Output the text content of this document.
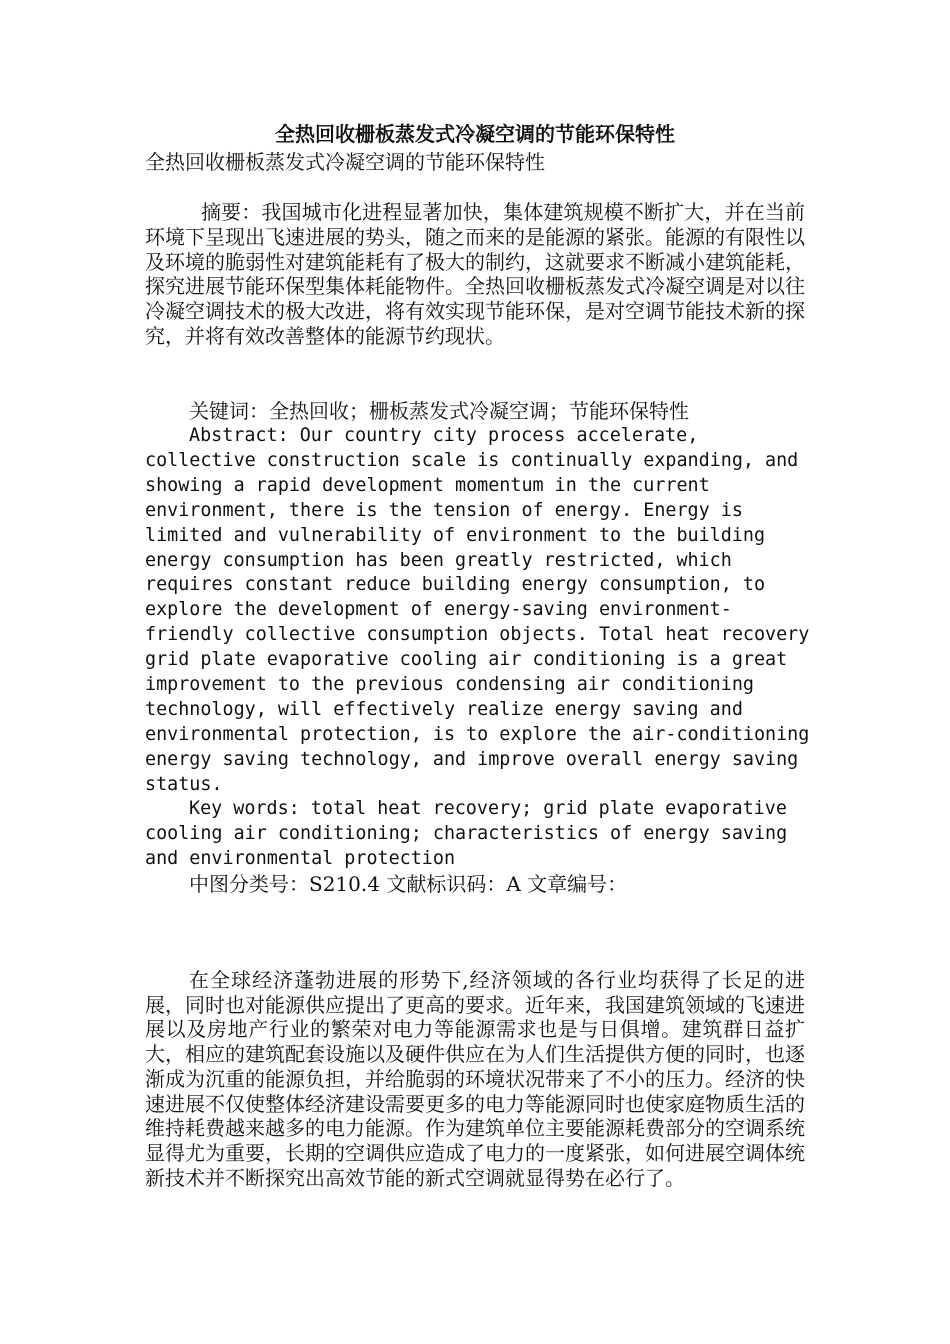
全热回收栅板蒸发式冷凝空调的节能环保特性

全热回收栅板蒸发式冷凝空调的节能环保特性

摘要：我国城市化进程显著加快，集体建筑规模不断扩大，并在当前环境下呈现出飞速进展的势头，随之而来的是能源的紧张。能源的有限性以及环境的脆弱性对建筑能耗有了极大的制约，这就要求不断减小建筑能耗，探究进展节能环保型集体耗能物件。全热回收栅板蒸发式冷凝空调是对以往冷凝空调技术的极大改进，将有效实现节能环保，是对空调节能技术新的探究，并将有效改善整体的能源节约现状。

关键词：全热回收；栅板蒸发式冷凝空调；节能环保特性

Abstract: Our country city process accelerate, collective construction scale is continually expanding, and showing a rapid development momentum in the current environment, there is the tension of energy. Energy is limited and vulnerability of environment to the building energy consumption has been greatly restricted, which requires constant reduce building energy consumption, to explore the development of energy-saving environment-friendly collective consumption objects. Total heat recovery grid plate evaporative cooling air conditioning is a great improvement to the previous condensing air conditioning technology, will effectively realize energy saving and environmental protection, is to explore the air-conditioning energy saving technology, and improve overall energy saving status.

Key words: total heat recovery; grid plate evaporative cooling air conditioning; characteristics of energy saving and environmental protection

中图分类号：S210.4 文献标识码：A 文章编号：

在全球经济蓬勃进展的形势下,经济领域的各行业均获得了长足的进展，同时也对能源供应提出了更高的要求。近年来，我国建筑领域的飞速进展以及房地产行业的繁荣对电力等能源需求也是与日俱增。建筑群日益扩大，相应的建筑配套设施以及硬件供应在为人们生活提供方便的同时，也逐渐成为沉重的能源负担，并给脆弱的环境状况带来了不小的压力。经济的快速进展不仅使整体经济建设需要更多的电力等能源同时也使家庭物质生活的维持耗费越来越多的电力能源。作为建筑单位主要能源耗费部分的空调系统显得尤为重要，长期的空调供应造成了电力的一度紧张，如何进展空调体统新技术并不断探究出高效节能的新式空调就显得势在必行了。
